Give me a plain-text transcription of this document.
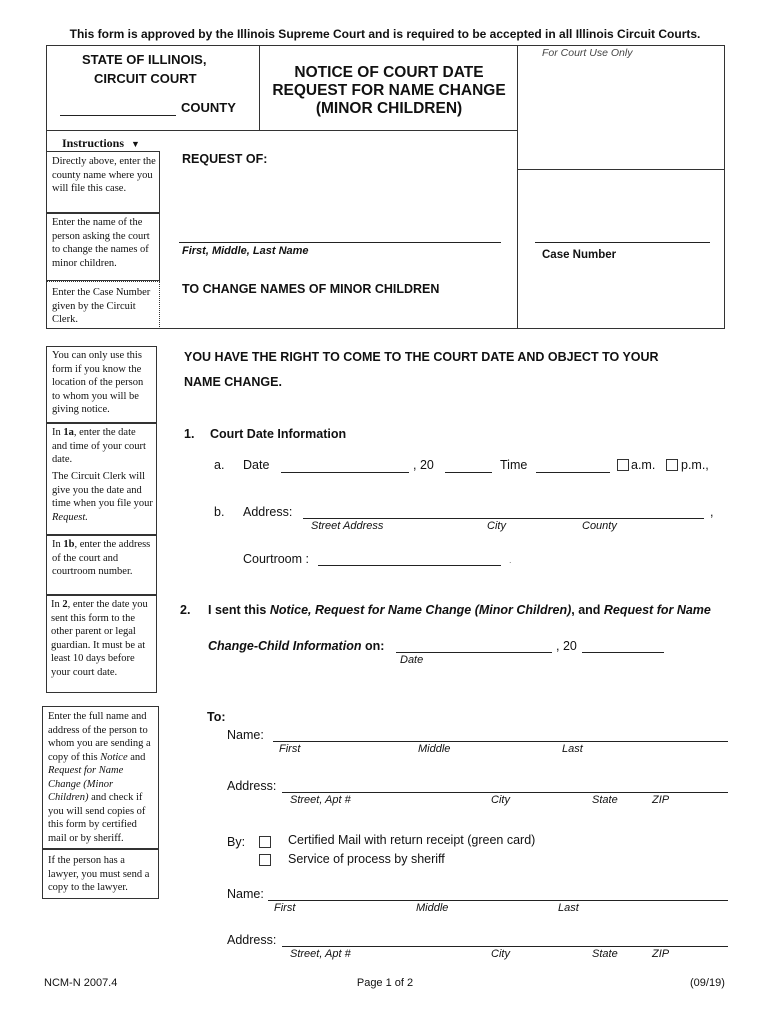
This form is approved by the Illinois Supreme Court and is required to be accepted in all Illinois Circuit Courts.
STATE OF ILLINOIS,
CIRCUIT COURT
COUNTY
NOTICE OF COURT DATE
REQUEST FOR NAME CHANGE
(MINOR CHILDREN)
For Court Use Only
Instructions ▼
Directly above, enter the county name where you will file this case.
Enter the name of the person asking the court to change the names of minor children.
Enter the Case Number given by the Circuit Clerk.
REQUEST OF:
First, Middle, Last Name
TO CHANGE NAMES OF MINOR CHILDREN
Case Number
You can only use this form if you know the location of the person to whom you will be giving notice.
In 1a, enter the date and time of your court date.
The Circuit Clerk will give you the date and time when you file your Request.
In 1b, enter the address of the court and courtroom number.
In 2, enter the date you sent this form to the other parent or legal guardian. It must be at least 10 days before your court date.
YOU HAVE THE RIGHT TO COME TO THE COURT DATE AND OBJECT TO YOUR
NAME CHANGE.
1. Court Date Information
a. Date	, 20	Time	a.m. p.m.,
b. Address:	,
Street Address	City	County
Courtroom :	.
2. I sent this Notice, Request for Name Change (Minor Children), and Request for Name
Change-Child Information on:	, 20
Date
Enter the full name and address of the person to whom you are sending a copy of this Notice and Request for Name Change (Minor Children) and check if you will send copies of this form by certified mail or by sheriff.
If the person has a lawyer, you must send a copy to the lawyer.
To:
Name:
First	Middle	Last
Address:
Street, Apt #	City	State	ZIP
By:	Certified Mail with return receipt (green card)
Service of process by sheriff
Name:
First	Middle	Last
Address:
Street, Apt #	City	State	ZIP
NCM-N 2007.4	Page 1 of 2	(09/19)
